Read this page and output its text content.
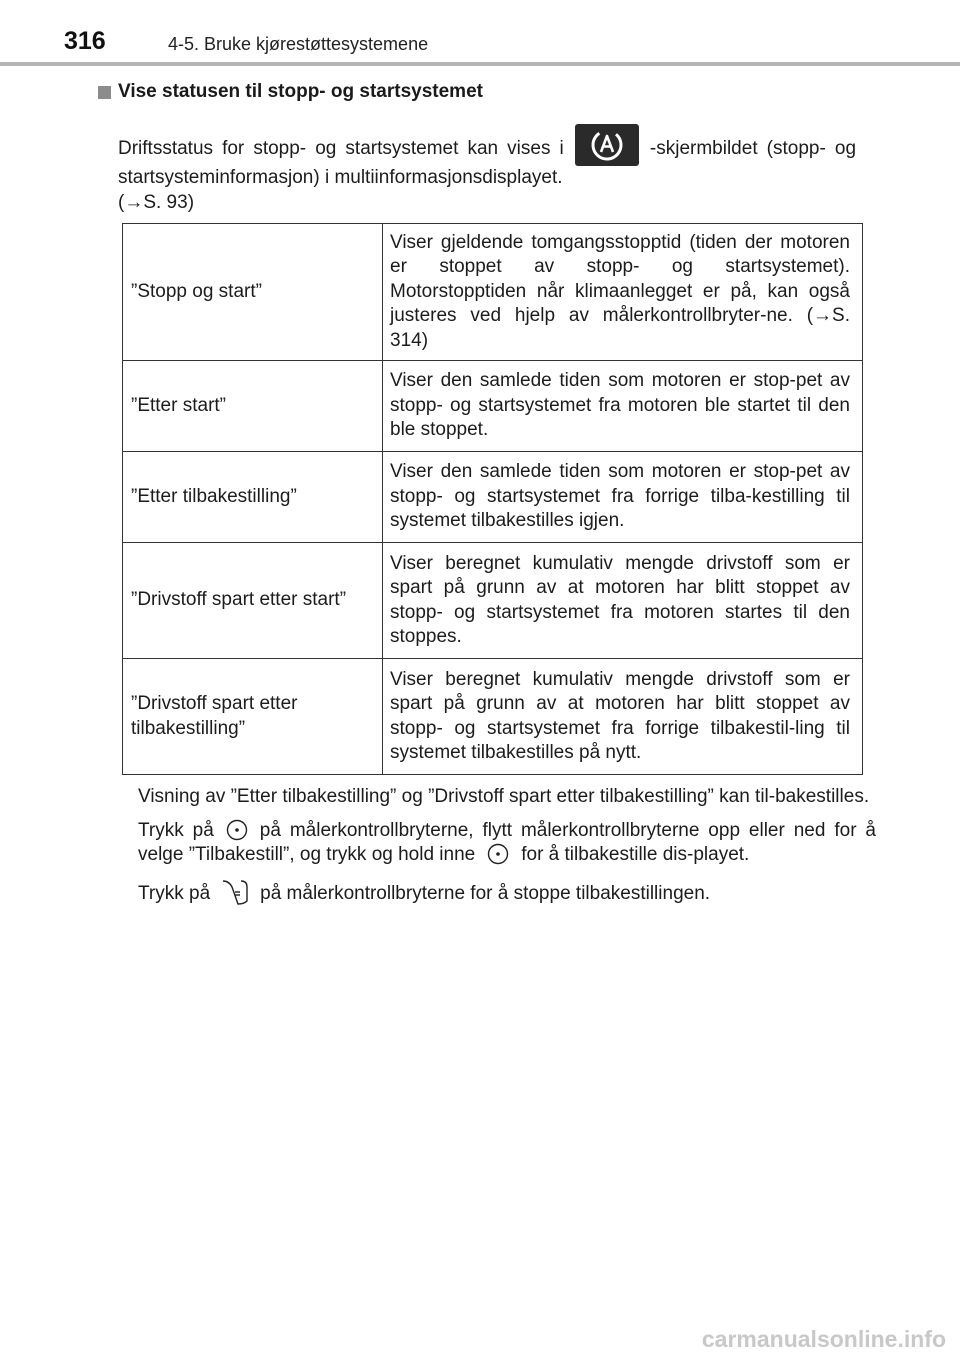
316	4-5. Bruke kjørestøttesystemene
Vise statusen til stopp- og startsystemet
Driftsstatus for stopp- og startsystemet kan vises i	-skjermbildet (stopp- og startsysteminformasjon) i multiinformasjonsdisplayet.
(→S. 93)
”Stopp og start”	Viser gjeldende tomgangsstopptid (tiden der motoren er stoppet av stopp- og startsystemet). Motorstopptiden når klimaanlegget er på, kan også justeres ved hjelp av målerkontrollbryter-ne. (→S. 314)
”Etter start”	Viser den samlede tiden som motoren er stop-pet av stopp- og startsystemet fra motoren ble startet til den ble stoppet.
”Etter tilbakestilling”	Viser den samlede tiden som motoren er stop-pet av stopp- og startsystemet fra forrige tilba-kestilling til systemet tilbakestilles igjen.
”Drivstoff spart etter start”	Viser beregnet kumulativ mengde drivstoff som er spart på grunn av at motoren har blitt stoppet av stopp- og startsystemet fra motoren startes til den stoppes.
”Drivstoff spart etter tilbakestilling”	Viser beregnet kumulativ mengde drivstoff som er spart på grunn av at motoren har blitt stoppet av stopp- og startsystemet fra forrige tilbakestil-ling til systemet tilbakestilles på nytt.

Visning av ”Etter tilbakestilling” og ”Drivstoff spart etter tilbakestilling” kan til-bakestilles.

Trykk på på målerkontrollbryterne, flytt målerkontrollbryterne opp eller ned for å velge ”Tilbakestill”, og trykk og hold inne for å tilbakestille dis-playet.

Trykk på	på målerkontrollbryterne for å stoppe tilbakestillingen.

carmanualsonline.info
